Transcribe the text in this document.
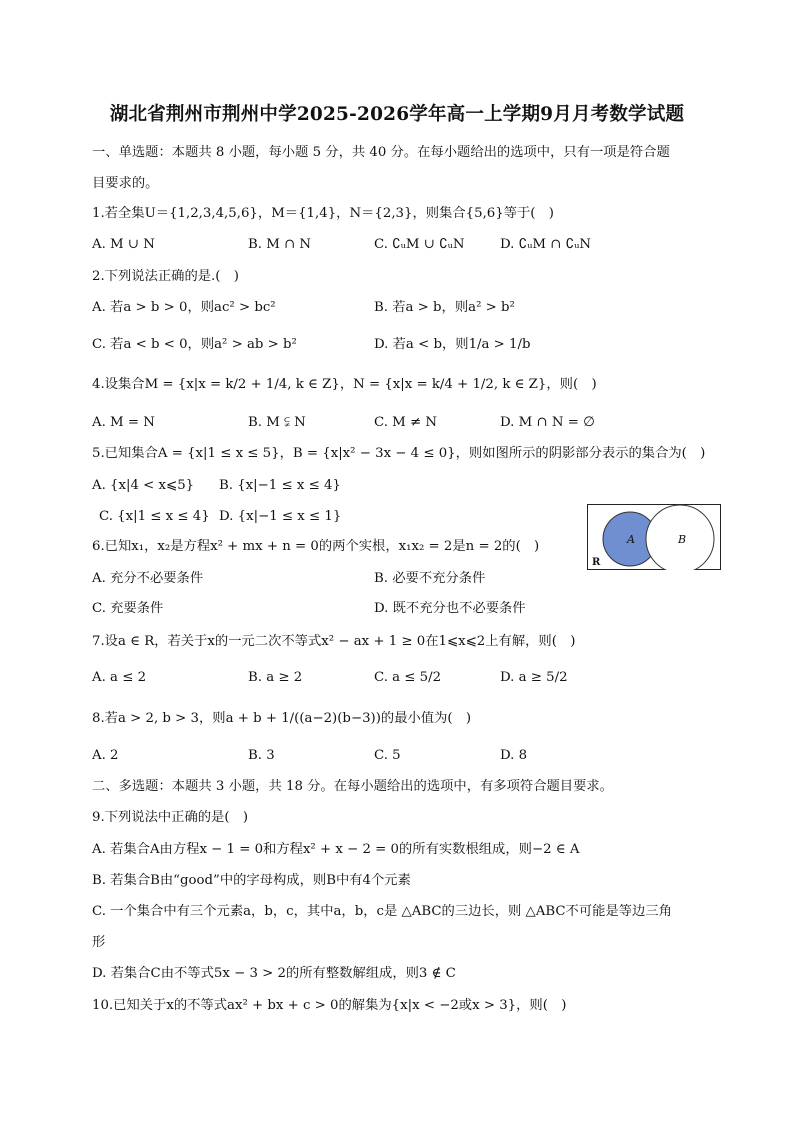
湖北省荆州市荆州中学2025-2026学年高一上学期9月月考数学试题
一、单选题：本题共 8 小题，每小题 5 分，共 40 分。在每小题给出的选项中，只有一项是符合题
目要求的。
1.若全集U＝{1,2,3,4,5,6}，M＝{1,4}，N＝{2,3}，则集合{5,6}等于(　)
A. M ∪ N	B. M ∩ N	C. ∁ᵤM ∪ ∁ᵤN	D. ∁ᵤM ∩ ∁ᵤN
2.下列说法正确的是.(　)
A. 若a > b > 0，则ac² > bc²	B. 若a > b，则a² > b²
C. 若a < b < 0，则a² > ab > b²	D. 若a < b，则1/a > 1/b
4.设集合M = {x|x = k/2 + 1/4, k ∈ Z}，N = {x|x = k/4 + 1/2, k ∈ Z}，则(　)
A. M = N	B. M ⫋ N	C. M ≠ N	D. M ∩ N = ∅
5.已知集合A = {x|1 ≤ x ≤ 5}，B = {x|x² − 3x − 4 ≤ 0}，则如图所示的阴影部分表示的集合为(　)
A. {x|4 < x⩽5} B. {x|−1 ≤ x ≤ 4}
C. {x|1 ≤ x ≤ 4} D. {x|−1 ≤ x ≤ 1}
A	B
R
6.已知x₁，x₂是方程x² + mx + n = 0的两个实根，x₁x₂ = 2是n = 2的(　)
A. 充分不必要条件	B. 必要不充分条件
C. 充要条件	D. 既不充分也不必要条件
7.设a ∈ R，若关于x的一元二次不等式x² − ax + 1 ≥ 0在1⩽x⩽2上有解，则(　)
A. a ≤ 2	B. a ≥ 2	C. a ≤ 5/2	D. a ≥ 5/2
8.若a > 2, b > 3，则a + b + 1/((a−2)(b−3))的最小值为(　)
A. 2	B. 3	C. 5	D. 8
二、多选题：本题共 3 小题，共 18 分。在每小题给出的选项中，有多项符合题目要求。
9.下列说法中正确的是(　)
A. 若集合A由方程x − 1 = 0和方程x² + x − 2 = 0的所有实数根组成，则−2 ∈ A
B. 若集合B由“good”中的字母构成，则B中有4个元素
C. 一个集合中有三个元素a，b，c，其中a，b，c是 △ABC的三边长，则 △ABC不可能是等边三角
形
D. 若集合C由不等式5x − 3 > 2的所有整数解组成，则3 ∉ C
10.已知关于x的不等式ax² + bx + c > 0的解集为{x|x < −2或x > 3}，则(　)
